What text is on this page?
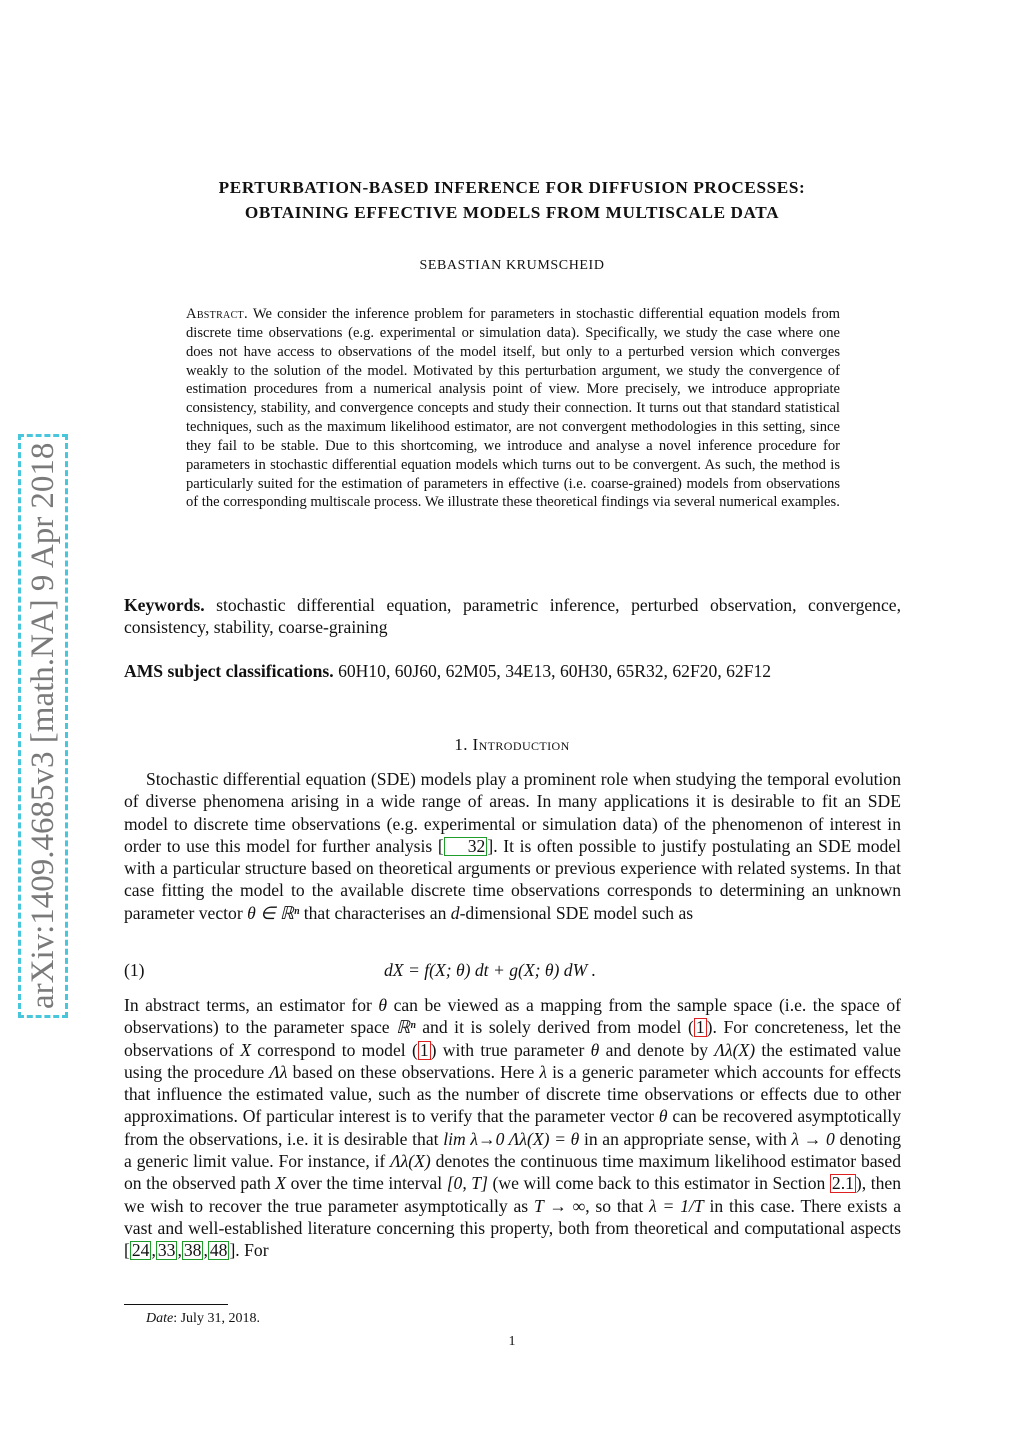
arXiv:1409.4685v3 [math.NA] 9 Apr 2018
PERTURBATION-BASED INFERENCE FOR DIFFUSION PROCESSES:
OBTAINING EFFECTIVE MODELS FROM MULTISCALE DATA
SEBASTIAN KRUMSCHEID
Abstract. We consider the inference problem for parameters in stochastic differential equation models from discrete time observations (e.g. experimental or simulation data). Specifically, we study the case where one does not have access to observations of the model itself, but only to a perturbed version which converges weakly to the solution of the model. Motivated by this perturbation argument, we study the convergence of estimation procedures from a numerical analysis point of view. More precisely, we introduce appropriate consistency, stability, and convergence concepts and study their connection. It turns out that standard statistical techniques, such as the maximum likelihood estimator, are not convergent methodologies in this setting, since they fail to be stable. Due to this shortcoming, we introduce and analyse a novel inference procedure for parameters in stochastic differential equation models which turns out to be convergent. As such, the method is particularly suited for the estimation of parameters in effective (i.e. coarse-grained) models from observations of the corresponding multiscale process. We illustrate these theoretical findings via several numerical examples.
Keywords. stochastic differential equation, parametric inference, perturbed observation, convergence, consistency, stability, coarse-graining
AMS subject classifications. 60H10, 60J60, 62M05, 34E13, 60H30, 65R32, 62F20, 62F12
1. Introduction
Stochastic differential equation (SDE) models play a prominent role when studying the temporal evolution of diverse phenomena arising in a wide range of areas. In many applications it is desirable to fit an SDE model to discrete time observations (e.g. experimental or simulation data) of the phenomenon of interest in order to use this model for further analysis [ 32 ]. It is often possible to justify postulating an SDE model with a particular structure based on theoretical arguments or previous experience with related systems. In that case fitting the model to the available discrete time observations corresponds to determining an unknown parameter vector θ ∈ ℝⁿ that characterises an d-dimensional SDE model such as
(1)	dX = f(X; θ) dt + g(X; θ) dW .
In abstract terms, an estimator for θ can be viewed as a mapping from the sample space (i.e. the space of observations) to the parameter space ℝⁿ and it is solely derived from model ( 1 ). For concreteness, let the observations of X correspond to model ( 1 ) with true parameter θ and denote by Λλ(X) the estimated value using the procedure Λλ based on these observations. Here λ is a generic parameter which accounts for effects that influence the estimated value, such as the number of discrete time observations or effects due to other approximations. Of particular interest is to verify that the parameter vector θ can be recovered asymptotically from the observations, i.e. it is desirable that lim λ→0 Λλ(X) = θ in an appropriate sense, with λ → 0 denoting a generic limit value. For instance, if Λλ(X) denotes the continuous time maximum likelihood estimator based on the observed path X over the time interval [0, T] (we will come back to this estimator in Section 2.1 ), then we wish to recover the true parameter asymptotically as T → ∞, so that λ = 1/T in this case. There exists a vast and well-established literature concerning this property, both from theoretical and computational aspects [ 24 , 33 , 38 , 48 ]. For
Date: July 31, 2018.
1
